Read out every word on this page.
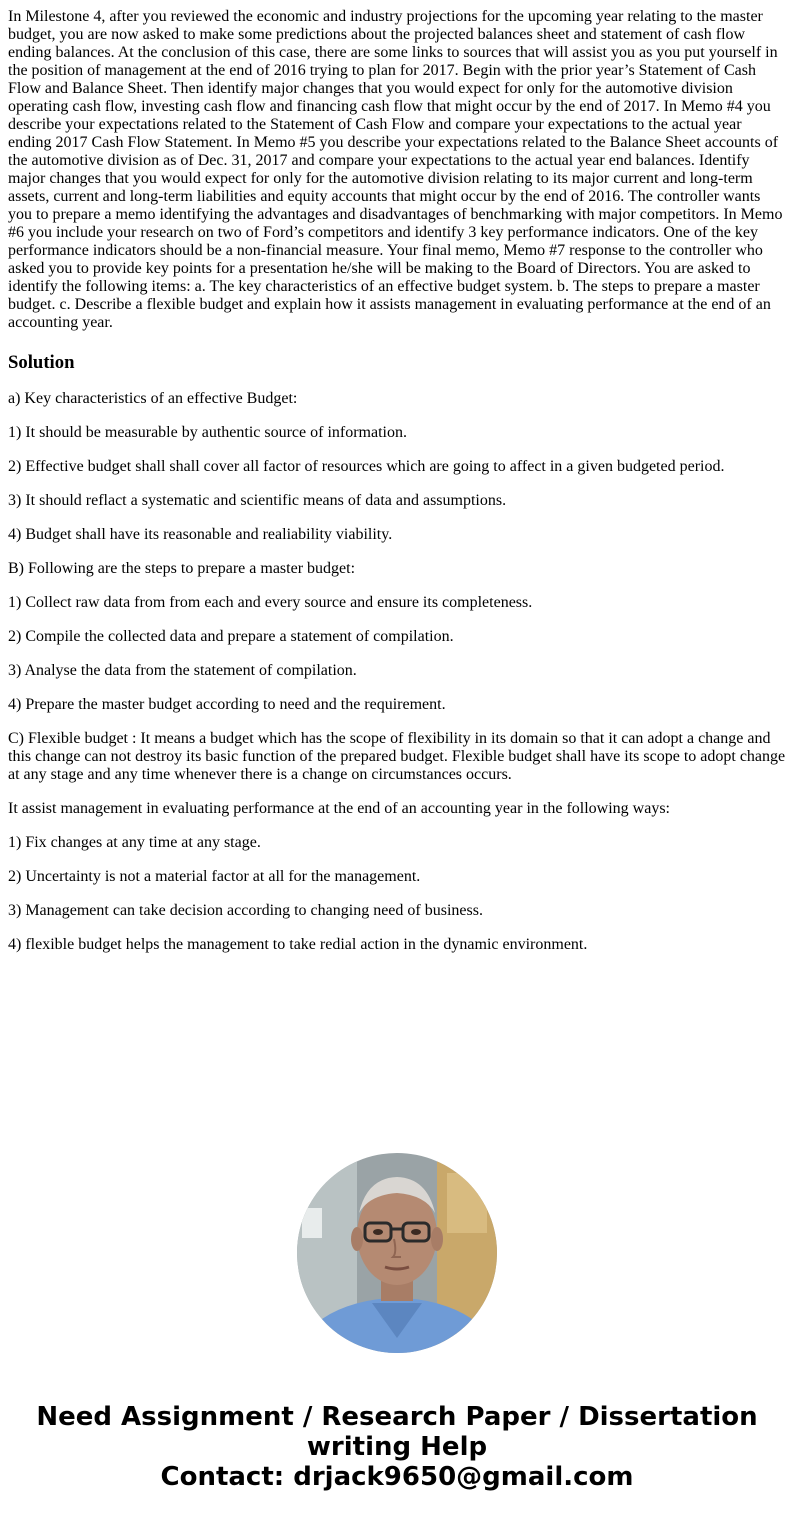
In Milestone 4, after you reviewed the economic and industry projections for the upcoming year relating to the master budget, you are now asked to make some predictions about the projected balances sheet and statement of cash flow ending balances. At the conclusion of this case, there are some links to sources that will assist you as you put yourself in the position of management at the end of 2016 trying to plan for 2017. Begin with the prior year’s Statement of Cash Flow and Balance Sheet. Then identify major changes that you would expect for only for the automotive division operating cash flow, investing cash flow and financing cash flow that might occur by the end of 2017. In Memo #4 you describe your expectations related to the Statement of Cash Flow and compare your expectations to the actual year ending 2017 Cash Flow Statement. In Memo #5 you describe your expectations related to the Balance Sheet accounts of the automotive division as of Dec. 31, 2017 and compare your expectations to the actual year end balances. Identify major changes that you would expect for only for the automotive division relating to its major current and long-term assets, current and long-term liabilities and equity accounts that might occur by the end of 2016. The controller wants you to prepare a memo identifying the advantages and disadvantages of benchmarking with major competitors. In Memo #6 you include your research on two of Ford’s competitors and identify 3 key performance indicators. One of the key performance indicators should be a non-financial measure. Your final memo, Memo #7 response to the controller who asked you to provide key points for a presentation he/she will be making to the Board of Directors. You are asked to identify the following items: a. The key characteristics of an effective budget system. b. The steps to prepare a master budget. c. Describe a flexible budget and explain how it assists management in evaluating performance at the end of an accounting year.

Solution

a) Key characteristics of an effective Budget:

1) It should be measurable by authentic source of information.

2) Effective budget shall shall cover all factor of resources which are going to affect in a given budgeted period.

3) It should reflact a systematic and scientific means of data and assumptions.

4) Budget shall have its reasonable and realiability viability.

B) Following are the steps to prepare a master budget:

1) Collect raw data from from each and every source and ensure its completeness.

2) Compile the collected data and prepare a statement of compilation.

3) Analyse the data from the statement of compilation.

4) Prepare the master budget according to need and the requirement.

C) Flexible budget : It means a budget which has the scope of flexibility in its domain so that it can adopt a change and this change can not destroy its basic function of the prepared budget. Flexible budget shall have its scope to adopt change at any stage and any time whenever there is a change on circumstances occurs.

It assist management in evaluating performance at the end of an accounting year in the following ways:

1) Fix changes at any time at any stage.

2) Uncertainty is not a material factor at all for the management.

3) Management can take decision according to changing need of business.

4) flexible budget helps the management to take redial action in the dynamic environment.

Need Assignment / Research Paper / Dissertation
writing Help
Contact: drjack9650@gmail.com
